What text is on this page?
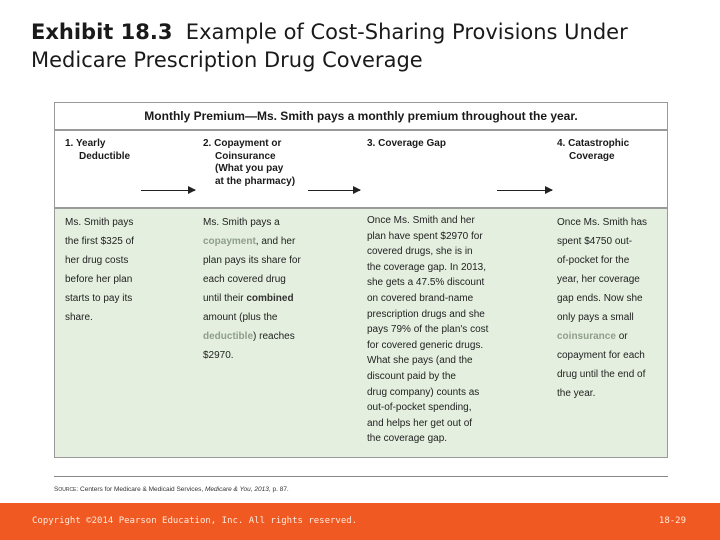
Exhibit 18.3 Example of Cost-Sharing Provisions Under Medicare Prescription Drug Coverage
Monthly Premium—Ms. Smith pays a monthly premium throughout the year.
1. Yearly
Deductible
2. Copayment or
Coinsurance
(What you pay
at the pharmacy)
3. Coverage Gap	4. Catastrophic
Coverage

Ms. Smith pays

the first $325 of

her drug costs

before her plan

starts to pay its

share.

Ms. Smith pays a

copayment, and her

plan pays its share for

each covered drug

until their combined

amount (plus the

deductible) reaches

$2970.

Once Ms. Smith and her

plan have spent $2970 for

covered drugs, she is in

the coverage gap. In 2013,

she gets a 47.5% discount

on covered brand-name

prescription drugs and she

pays 79% of the plan's cost

for covered generic drugs.

What she pays (and the

discount paid by the

drug company) counts as

out-of-pocket spending,

and helps her get out of

the coverage gap.

Once Ms. Smith has

spent $4750 out-

of-pocket for the

year, her coverage

gap ends. Now she

only pays a small

coinsurance or

copayment for each

drug until the end of

the year.

Source: Centers for Medicare & Medicaid Services, Medicare & You, 2013, p. 87.
Copyright ©2014 Pearson Education, Inc. All rights reserved.	18-29
